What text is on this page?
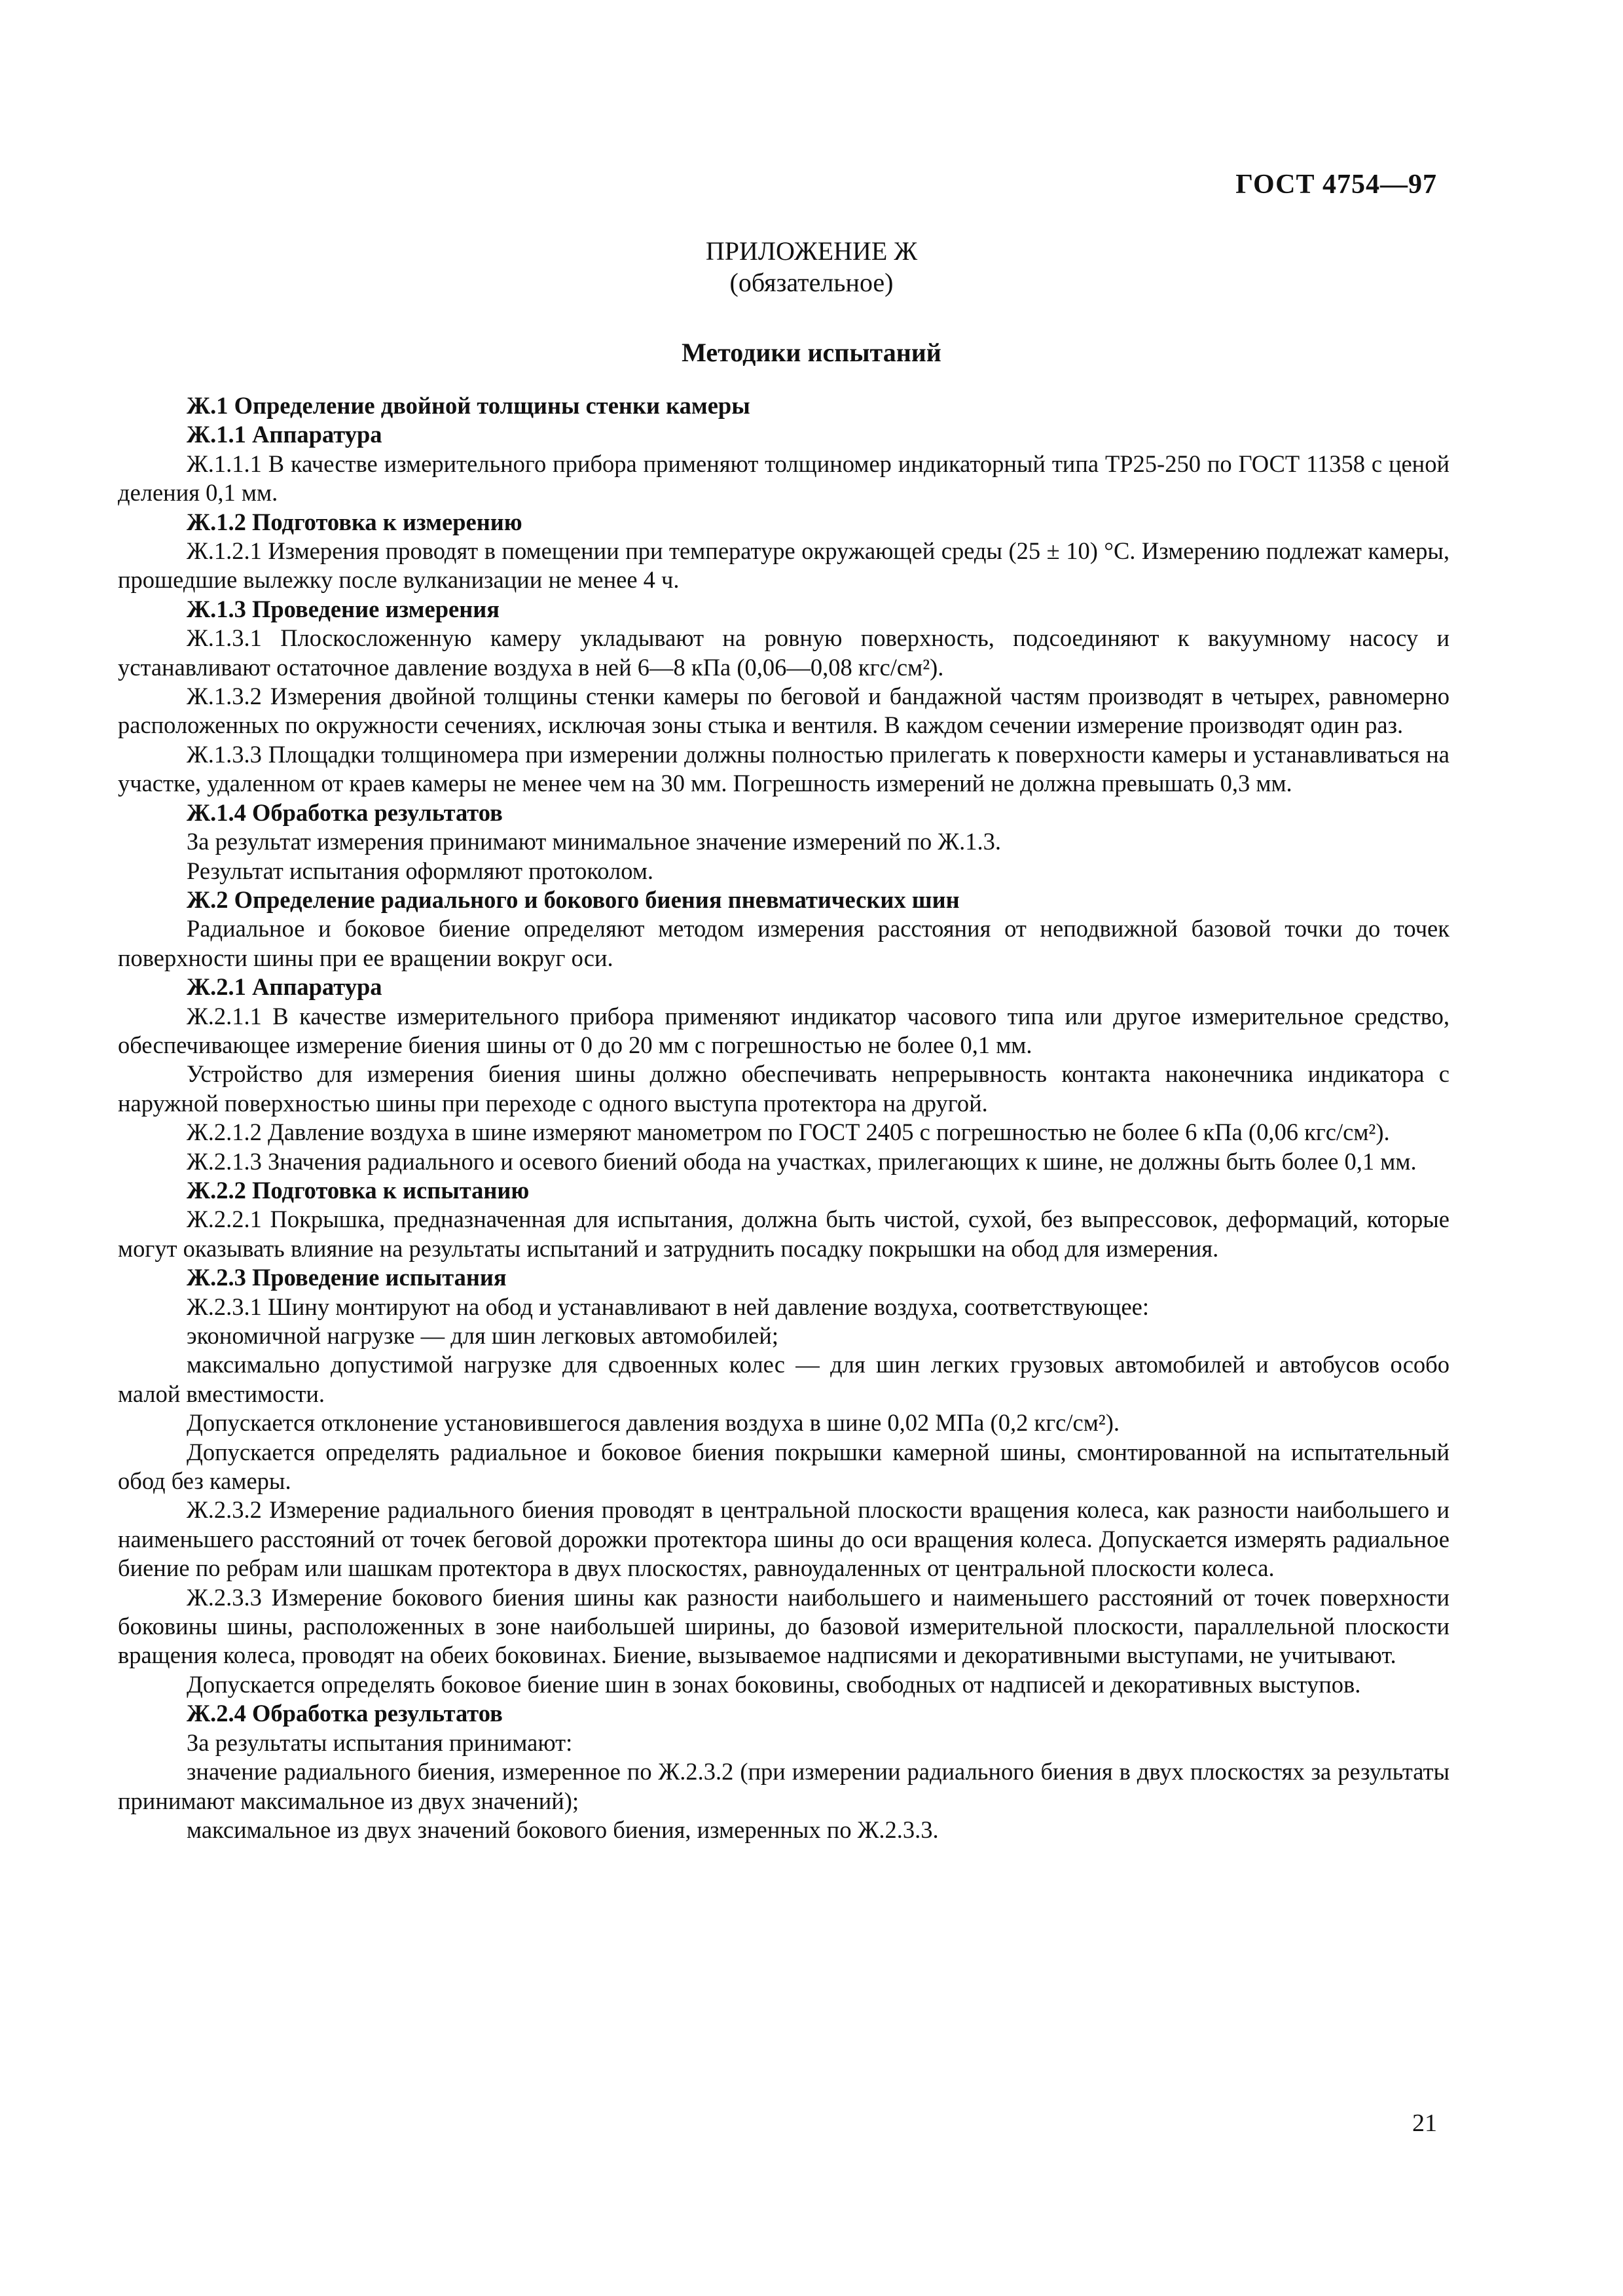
ГОСТ 4754—97
ПРИЛОЖЕНИЕ Ж
(обязательное)
Методики испытаний

Ж.1 Определение двойной толщины стенки камеры

Ж.1.1 Аппаратура

Ж.1.1.1 В качестве измерительного прибора применяют толщиномер индикаторный типа ТР25-250 по ГОСТ 11358 с ценой деления 0,1 мм.

Ж.1.2 Подготовка к измерению

Ж.1.2.1 Измерения проводят в помещении при температуре окружающей среды (25 ± 10) °С. Измерению подлежат камеры, прошедшие вылежку после вулканизации не менее 4 ч.

Ж.1.3 Проведение измерения

Ж.1.3.1 Плоскосложенную камеру укладывают на ровную поверхность, подсоединяют к вакуумному насосу и устанавливают остаточное давление воздуха в ней 6—8 кПа (0,06—0,08 кгс/см²).

Ж.1.3.2 Измерения двойной толщины стенки камеры по беговой и бандажной частям производят в четырех, равномерно расположенных по окружности сечениях, исключая зоны стыка и вентиля. В каждом сечении измерение производят один раз.

Ж.1.3.3 Площадки толщиномера при измерении должны полностью прилегать к поверхности камеры и устанавливаться на участке, удаленном от краев камеры не менее чем на 30 мм. Погрешность измерений не должна превышать 0,3 мм.

Ж.1.4 Обработка результатов

За результат измерения принимают минимальное значение измерений по Ж.1.3.

Результат испытания оформляют протоколом.

Ж.2 Определение радиального и бокового биения пневматических шин

Радиальное и боковое биение определяют методом измерения расстояния от неподвижной базовой точки до точек поверхности шины при ее вращении вокруг оси.

Ж.2.1 Аппаратура

Ж.2.1.1 В качестве измерительного прибора применяют индикатор часового типа или другое измерительное средство, обеспечивающее измерение биения шины от 0 до 20 мм с погрешностью не более 0,1 мм.

Устройство для измерения биения шины должно обеспечивать непрерывность контакта наконечника индикатора с наружной поверхностью шины при переходе с одного выступа протектора на другой.

Ж.2.1.2 Давление воздуха в шине измеряют манометром по ГОСТ 2405 с погрешностью не более 6 кПа (0,06 кгс/см²).

Ж.2.1.3 Значения радиального и осевого биений обода на участках, прилегающих к шине, не должны быть более 0,1 мм.

Ж.2.2 Подготовка к испытанию

Ж.2.2.1 Покрышка, предназначенная для испытания, должна быть чистой, сухой, без выпрессовок, деформаций, которые могут оказывать влияние на результаты испытаний и затруднить посадку покрышки на обод для измерения.

Ж.2.3 Проведение испытания

Ж.2.3.1 Шину монтируют на обод и устанавливают в ней давление воздуха, соответствующее:

экономичной нагрузке — для шин легковых автомобилей;

максимально допустимой нагрузке для сдвоенных колес — для шин легких грузовых автомобилей и автобусов особо малой вместимости.

Допускается отклонение установившегося давления воздуха в шине 0,02 МПа (0,2 кгс/см²).

Допускается определять радиальное и боковое биения покрышки камерной шины, смонтированной на испытательный обод без камеры.

Ж.2.3.2 Измерение радиального биения проводят в центральной плоскости вращения колеса, как разности наибольшего и наименьшего расстояний от точек беговой дорожки протектора шины до оси вращения колеса. Допускается измерять радиальное биение по ребрам или шашкам протектора в двух плоскостях, равноудаленных от центральной плоскости колеса.

Ж.2.3.3 Измерение бокового биения шины как разности наибольшего и наименьшего расстояний от точек поверхности боковины шины, расположенных в зоне наибольшей ширины, до базовой измерительной плоскости, параллельной плоскости вращения колеса, проводят на обеих боковинах. Биение, вызываемое надписями и декоративными выступами, не учитывают.

Допускается определять боковое биение шин в зонах боковины, свободных от надписей и декоративных выступов.

Ж.2.4 Обработка результатов

За результаты испытания принимают:

значение радиального биения, измеренное по Ж.2.3.2 (при измерении радиального биения в двух плоскостях за результаты принимают максимальное из двух значений);

максимальное из двух значений бокового биения, измеренных по Ж.2.3.3.

21
